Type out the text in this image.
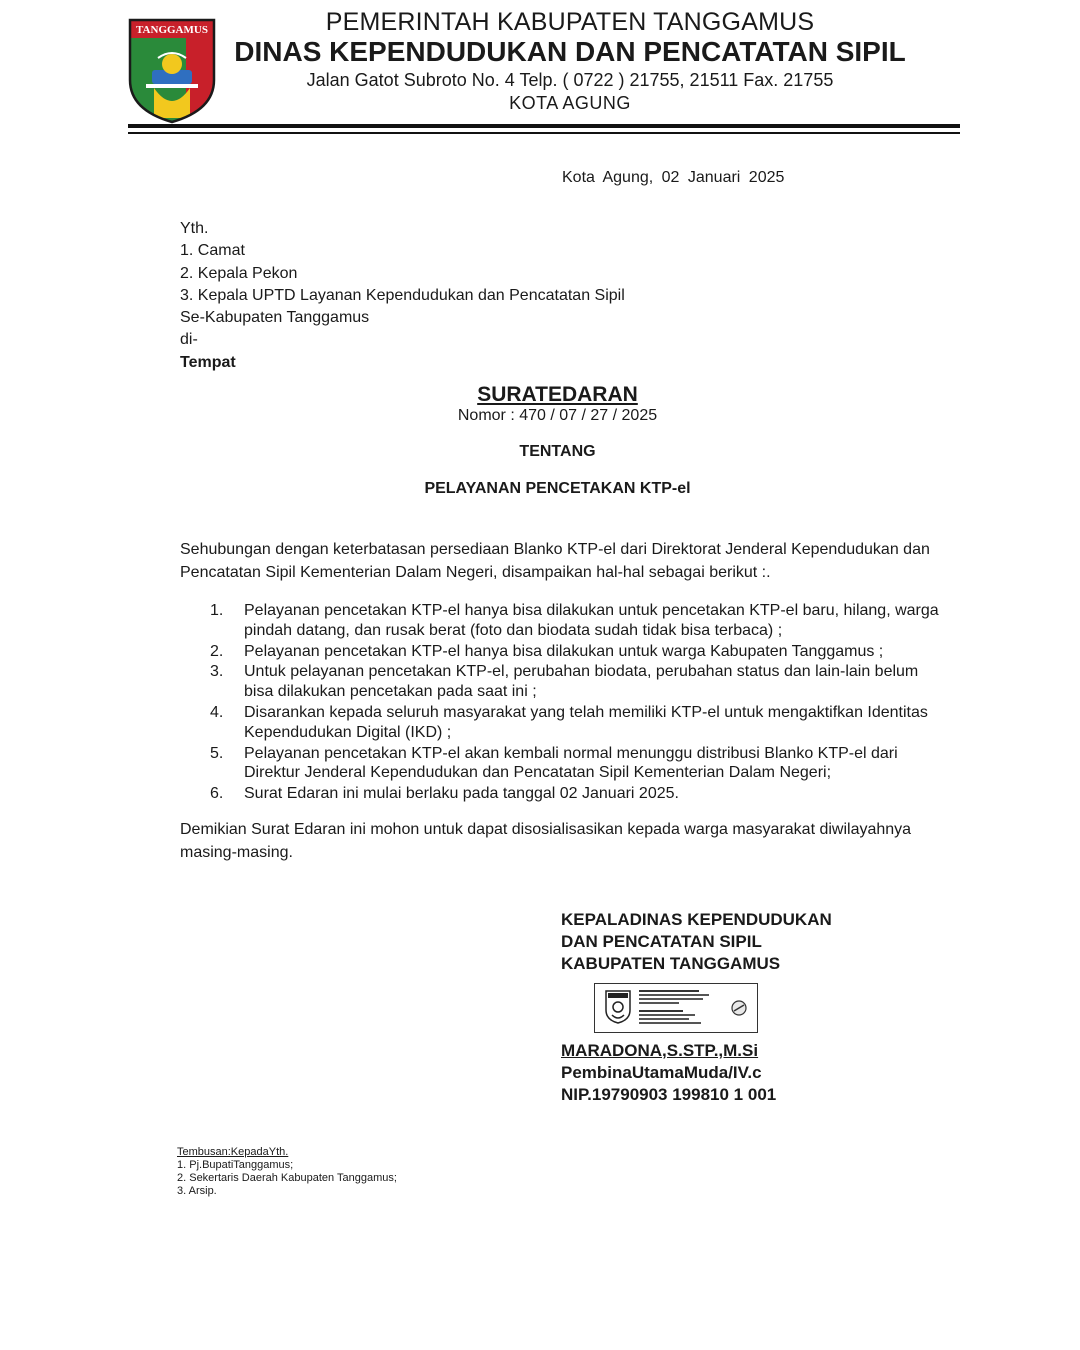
TANGGAMUS	PEMERINTAH KABUPATEN TANGGAMUS
DINAS KEPENDUDUKAN DAN PENCATATAN SIPIL
Jalan Gatot Subroto No. 4 Telp. ( 0722 ) 21755, 21511 Fax. 21755
KOTA AGUNG
Kota Agung, 02 Januari 2025
Yth.
1. Camat
2. Kepala Pekon
3. Kepala UPTD Layanan Kependudukan dan Pencatatan Sipil
Se-Kabupaten Tanggamus
di-
Tempat
SURATEDARAN
Nomor : 470 / 07 / 27 / 2025
TENTANG
PELAYANAN PENCETAKAN KTP-el
Sehubungan dengan keterbatasan persediaan Blanko KTP-el dari Direktorat Jenderal Kependudukan dan Pencatatan Sipil Kementerian Dalam Negeri, disampaikan hal-hal sebagai berikut :.
1.	Pelayanan pencetakan KTP-el hanya bisa dilakukan untuk pencetakan KTP-el baru, hilang, warga pindah datang, dan rusak berat (foto dan biodata sudah tidak bisa terbaca) ;
2.	Pelayanan pencetakan KTP-el hanya bisa dilakukan untuk warga Kabupaten Tanggamus ;
3.	Untuk pelayanan pencetakan KTP-el, perubahan biodata, perubahan status dan lain-lain belum bisa dilakukan pencetakan pada saat ini ;
4.	Disarankan kepada seluruh masyarakat yang telah memiliki KTP-el untuk mengaktifkan Identitas Kependudukan Digital (IKD) ;
5.	Pelayanan pencetakan KTP-el akan kembali normal menunggu distribusi Blanko KTP-el dari Direktur Jenderal Kependudukan dan Pencatatan Sipil Kementerian Dalam Negeri;
6.	Surat Edaran ini mulai berlaku pada tanggal 02 Januari 2025.
Demikian Surat Edaran ini mohon untuk dapat disosialisasikan kepada warga masyarakat diwilayahnya masing-masing.
KEPALADINAS KEPENDUDUKAN
DAN PENCATATAN SIPIL
KABUPATEN TANGGAMUS
MARADONA,S.STP.,M.Si
PembinaUtamaMuda/IV.c
NIP.19790903 199810 1 001
Tembusan:KepadaYth.
1. Pj.BupatiTanggamus;
2. Sekertaris Daerah Kabupaten Tanggamus;
3. Arsip.
